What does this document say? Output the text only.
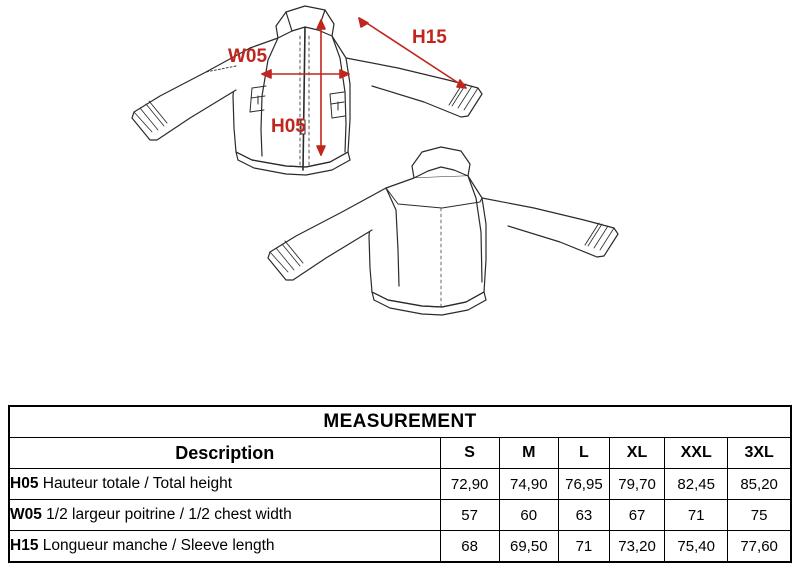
H15
W05
H05
MEASUREMENT						
Description	S	M	L	XL	XXL	3XL
H05 Hauteur totale / Total height	72,90	74,90	76,95	79,70	82,45	85,20
W05 1/2 largeur poitrine / 1/2 chest width	57	60	63	67	71	75
H15 Longueur manche / Sleeve length	68	69,50	71	73,20	75,40	77,60
